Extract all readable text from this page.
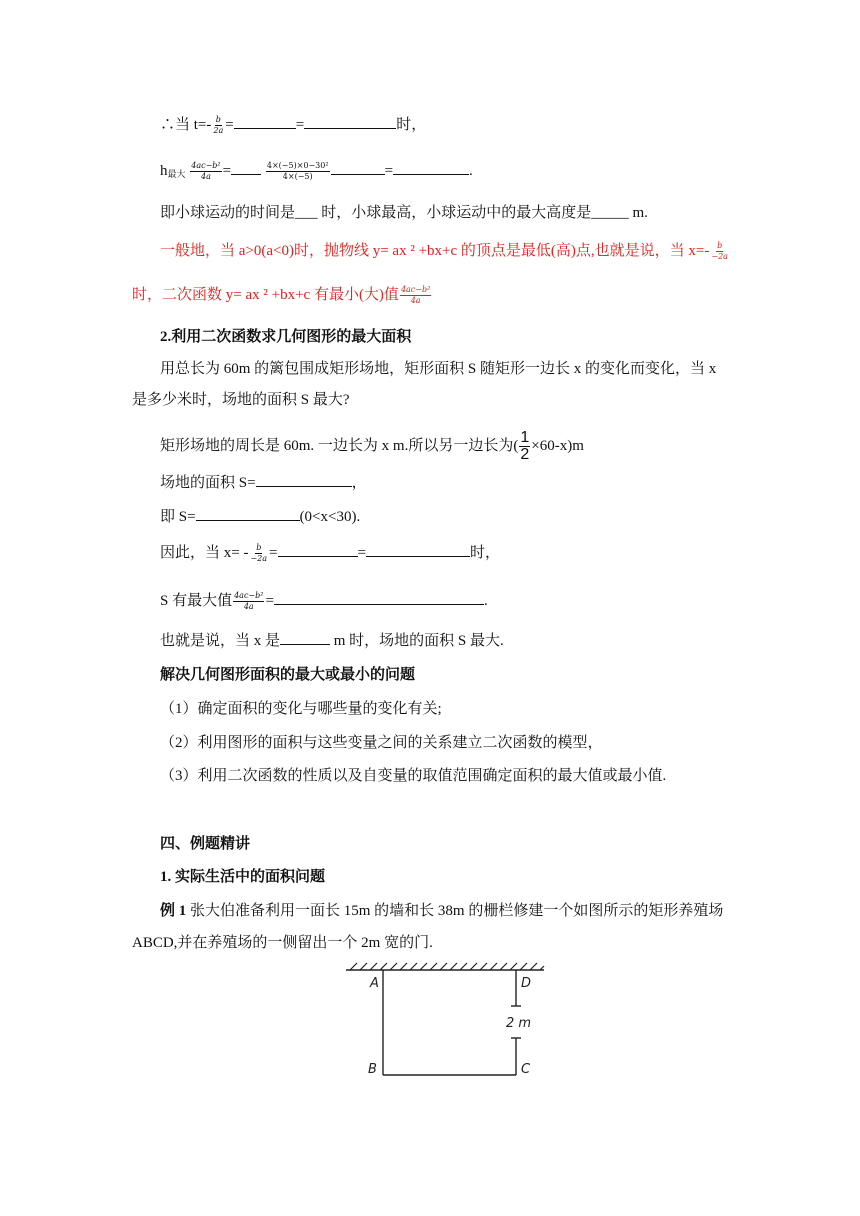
∴当 $t=- \frac{b}{2a}$ =	=	时，
$h_{最大} \frac{\text{4ac−b²}}{4a}$ =	$\frac{\text{4×(−5)×0−30²}}{4\times(-5)}$	=	.
即小球运动的时间是___ 时，小球最高，小球运动中的最大高度是_____ m.
一般地，当 a>0(a<0)时，抛物线 y= ax ² +bx+c 的顶点是最低(高)点,也就是说，当 $x=- \frac{b}{-2a}$
时，二次函数 y= ax ² +bx+c 有最小(大)值 $\frac{\text{4ac−b²}}{4a}$
2.利用二次函数求几何图形的最大面积
用总长为 60m 的篱包围成矩形场地，矩形面积 S 随矩形一边长 x 的变化而变化，当 x
是多少米时，场地的面积 S 最大?
矩形场地的周长是 60m. 一边长为 x m.所以另一边长为( $\frac{1}{2} \times 60-x)m$
场地的面积 S=	，
即 S=	(0<x<30).
因此，当 $x= - \frac{b}{-2a}$ =	=	时，
S 有最大值 $\frac{\text{4ac−b²}}{4a}$ =	.
也就是说，当 x 是	m 时，场地的面积 S 最大.
解决几何图形面积的最大或最小的问题
（1）确定面积的变化与哪些量的变化有关;
（2）利用图形的面积与这些变量之间的关系建立二次函数的模型，
（3）利用二次函数的性质以及自变量的取值范围确定面积的最大值或最小值.
四、例题精讲
1. 实际生活中的面积问题
例 1 张大伯准备利用一面长 15m 的墙和长 38m 的栅栏修建一个如图所示的矩形养殖场
ABCD,并在养殖场的一侧留出一个 2m 宽的门.
A
B	C
D
2 m
